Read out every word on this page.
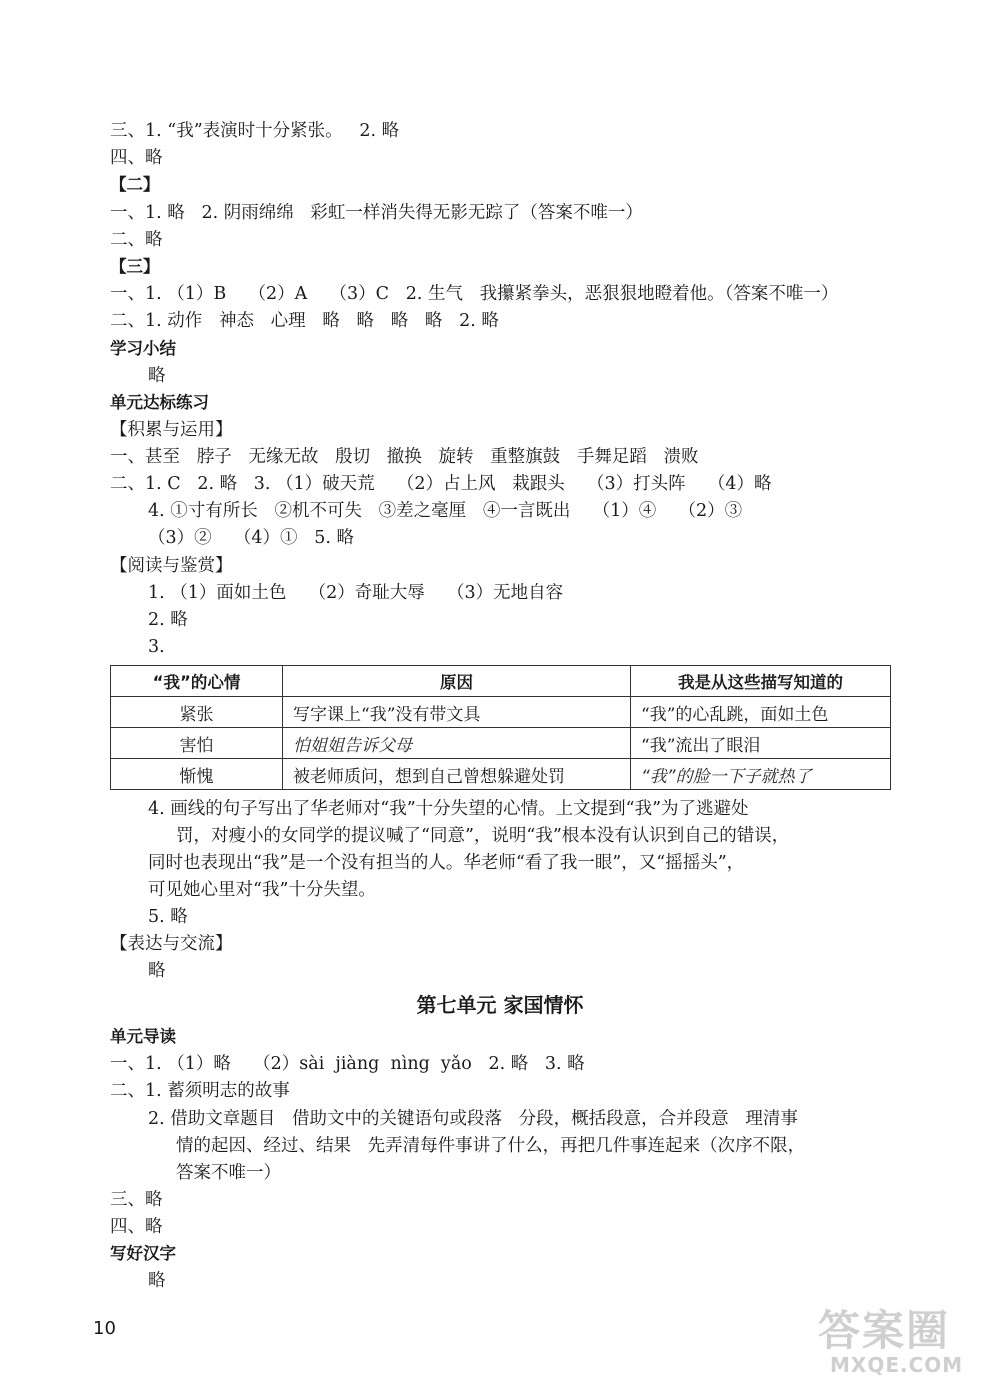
三、1. “我”表演时十分紧张。   2. 略
四、略
【二】
一、1. 略   2. 阴雨绵绵   彩虹一样消失得无影无踪了（答案不唯一）
二、略
【三】
一、1. （1）B    （2）A    （3）C   2. 生气   我攥紧拳头，恶狠狠地瞪着他。（答案不唯一）
二、1. 动作   神态   心理   略   略   略   略   2. 略
学习小结
略
单元达标练习
【积累与运用】
一、甚至   脖子   无缘无故   殷切   撤换   旋转   重整旗鼓   手舞足蹈   溃败
二、1. C   2. 略   3. （1）破天荒    （2）占上风   栽跟头    （3）打头阵    （4）略
4. ①寸有所长   ②机不可失   ③差之毫厘   ④一言既出    （1）④    （2）③
（3）②    （4）①   5. 略
【阅读与鉴赏】
1. （1）面如土色    （2）奇耻大辱    （3）无地自容
2. 略
3.
“我”的心情	原因	我是从这些描写知道的
紧张	写字课上“我”没有带文具	“我”的心乱跳，面如土色
害怕	怕姐姐告诉父母	“我”流出了眼泪
惭愧	被老师质问，想到自己曾想躲避处罚	“我”的脸一下子就热了
4. 画线的句子写出了华老师对“我”十分失望的心情。上文提到“我”为了逃避处
罚，对瘦小的女同学的提议喊了“同意”，说明“我”根本没有认识到自己的错误，
同时也表现出“我”是一个没有担当的人。华老师“看了我一眼”，又“摇摇头”，
可见她心里对“我”十分失望。
5. 略
【表达与交流】
略
第七单元 家国情怀
单元导读
一、1. （1）略    （2）sài  jiàng  nìng  yǎo   2. 略   3. 略
二、1. 蓄须明志的故事
2. 借助文章题目   借助文中的关键语句或段落   分段，概括段意，合并段意   理清事
情的起因、经过、结果   先弄清每件事讲了什么，再把几件事连起来（次序不限，
答案不唯一）
三、略
四、略
写好汉字
略
10	答案圈
MXQE.COM
